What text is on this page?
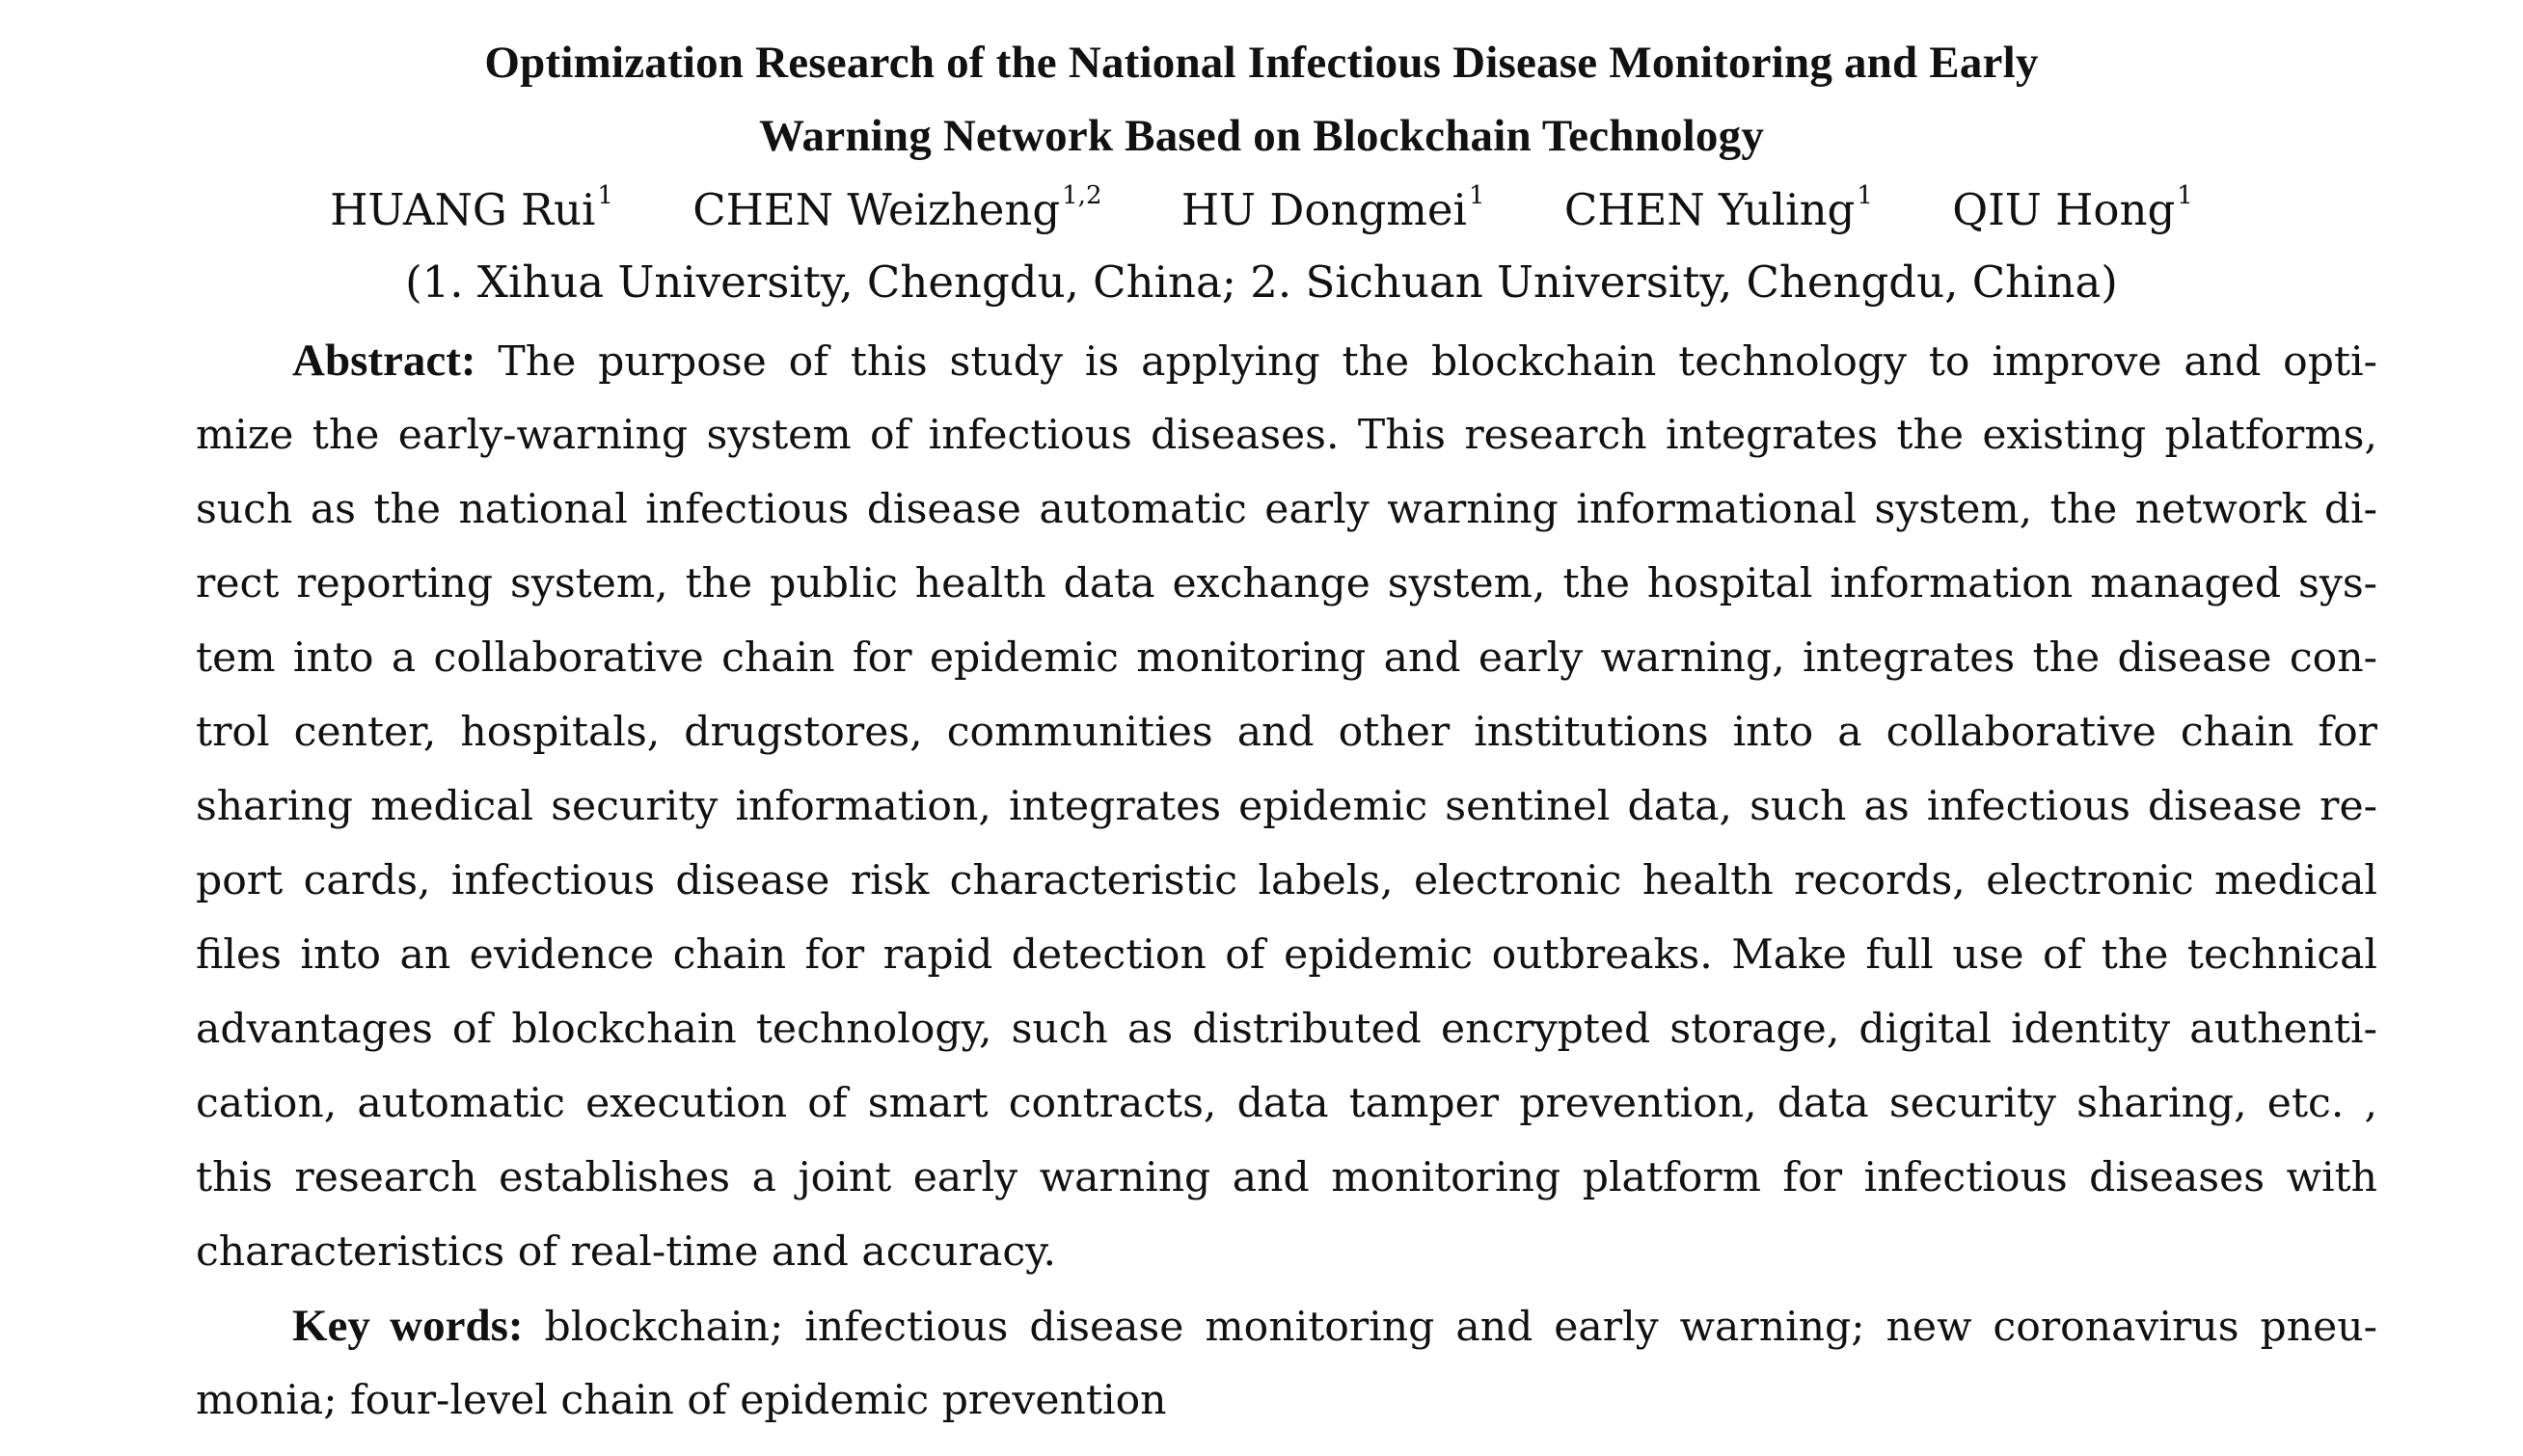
Optimization Research of the National Infectious Disease Monitoring and Early
Warning Network Based on Blockchain Technology
HUANG Rui$^1$ CHEN Weizheng$^{1,2}$ HU Dongmei$^1$ CHEN Yuling$^1$ QIU Hong$^1$
(1. Xihua University, Chengdu, China; 2. Sichuan University, Chengdu, China)
Abstract: The purpose of this study is applying the blockchain technology to improve and opti-
mize the early-warning system of infectious diseases. This research integrates the existing platforms,
such as the national infectious disease automatic early warning informational system, the network di-
rect reporting system, the public health data exchange system, the hospital information managed sys-
tem into a collaborative chain for epidemic monitoring and early warning, integrates the disease con-
trol center, hospitals, drugstores, communities and other institutions into a collaborative chain for
sharing medical security information, integrates epidemic sentinel data, such as infectious disease re-
port cards, infectious disease risk characteristic labels, electronic health records, electronic medical
files into an evidence chain for rapid detection of epidemic outbreaks. Make full use of the technical
advantages of blockchain technology, such as distributed encrypted storage, digital identity authenti-
cation, automatic execution of smart contracts, data tamper prevention, data security sharing, etc. ,
this research establishes a joint early warning and monitoring platform for infectious diseases with
characteristics of real-time and accuracy.
Key words: blockchain; infectious disease monitoring and early warning; new coronavirus pneu-
monia; four-level chain of epidemic prevention
